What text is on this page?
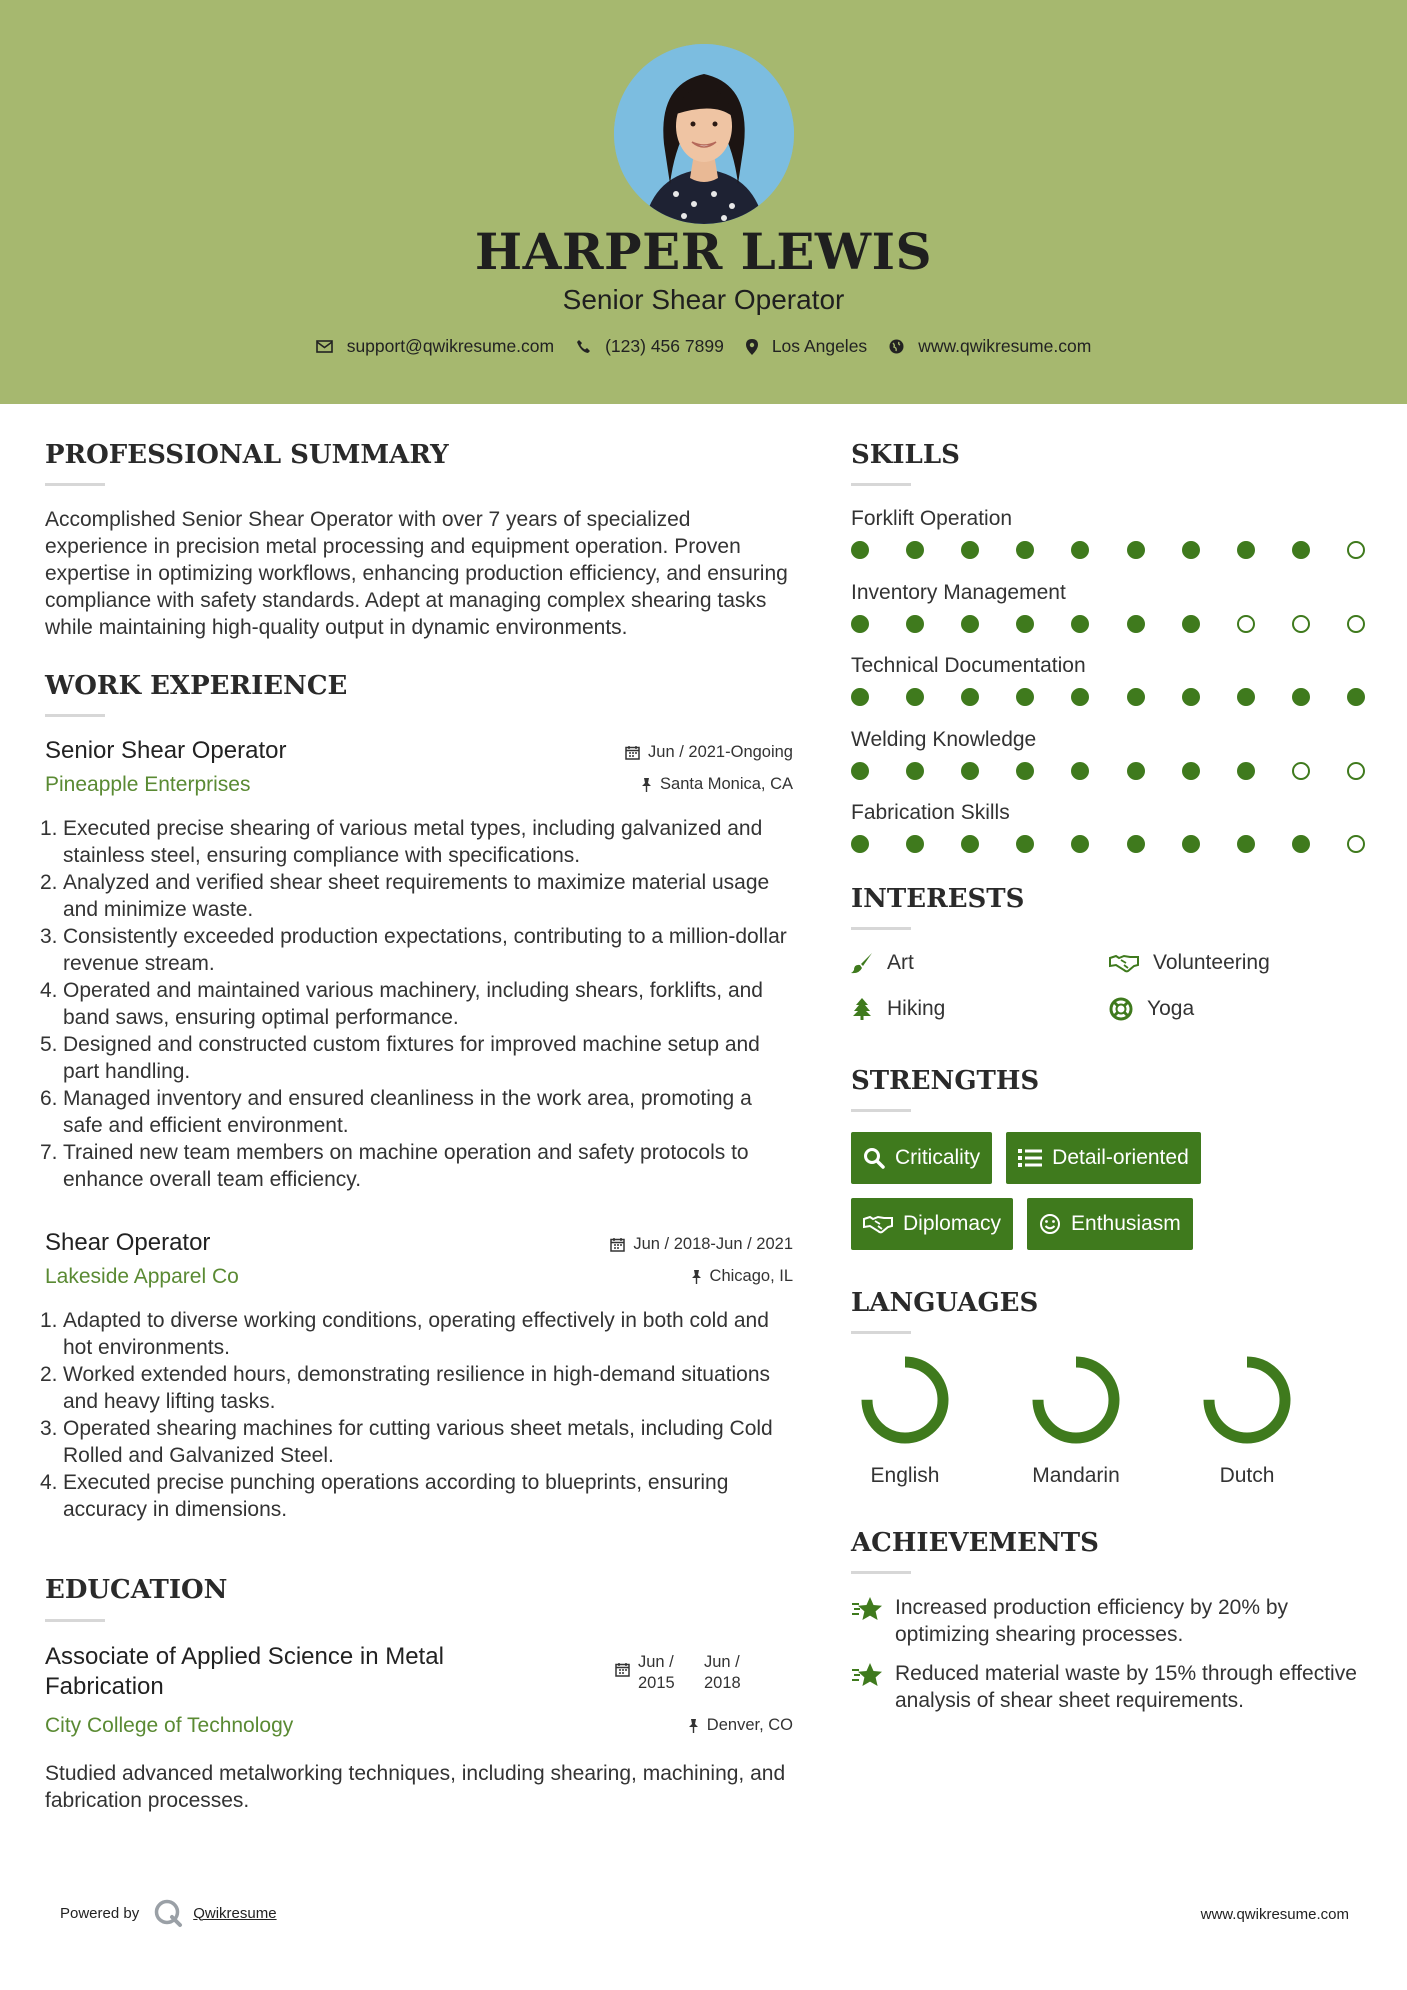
HARPER LEWIS
Senior Shear Operator
support@qwikresume.com	(123) 456 7899	Los Angeles	www.qwikresume.com
PROFESSIONAL SUMMARY
Accomplished Senior Shear Operator with over 7 years of specialized experience in precision metal processing and equipment operation. Proven expertise in optimizing workflows, enhancing production efficiency, and ensuring compliance with safety standards. Adept at managing complex shearing tasks while maintaining high-quality output in dynamic environments.
WORK EXPERIENCE
Senior Shear Operator
Pineapple Enterprises
Jun / 2021-Ongoing
Santa Monica, CA
1. Executed precise shearing of various metal types, including galvanized and stainless steel, ensuring compliance with specifications.
2. Analyzed and verified shear sheet requirements to maximize material usage and minimize waste.
3. Consistently exceeded production expectations, contributing to a million-dollar revenue stream.
4. Operated and maintained various machinery, including shears, forklifts, and band saws, ensuring optimal performance.
5. Designed and constructed custom fixtures for improved machine setup and part handling.
6. Managed inventory and ensured cleanliness in the work area, promoting a safe and efficient environment.
7. Trained new team members on machine operation and safety protocols to enhance overall team efficiency.
Shear Operator
Lakeside Apparel Co
Jun / 2018-Jun / 2021
Chicago, IL
1. Adapted to diverse working conditions, operating effectively in both cold and hot environments.
2. Worked extended hours, demonstrating resilience in high-demand situations and heavy lifting tasks.
3. Operated shearing machines for cutting various sheet metals, including Cold Rolled and Galvanized Steel.
4. Executed precise punching operations according to blueprints, ensuring accuracy in dimensions.
EDUCATION
Associate of Applied Science in Metal Fabrication
City College of Technology
Jun / 2015
Jun / 2018
Denver, CO
Studied advanced metalworking techniques, including shearing, machining, and fabrication processes.
SKILLS
Forklift Operation
Inventory Management
Technical Documentation
Welding Knowledge
Fabrication Skills
INTERESTS
Art	Volunteering
Hiking	Yoga
STRENGTHS
Criticality	Detail-oriented
Diplomacy	Enthusiasm
LANGUAGES
English	Mandarin	Dutch
ACHIEVEMENTS
Increased production efficiency by 20% by optimizing shearing processes.
Reduced material waste by 15% through effective analysis of shear sheet requirements.
Powered by	Qwikresume	www.qwikresume.com
